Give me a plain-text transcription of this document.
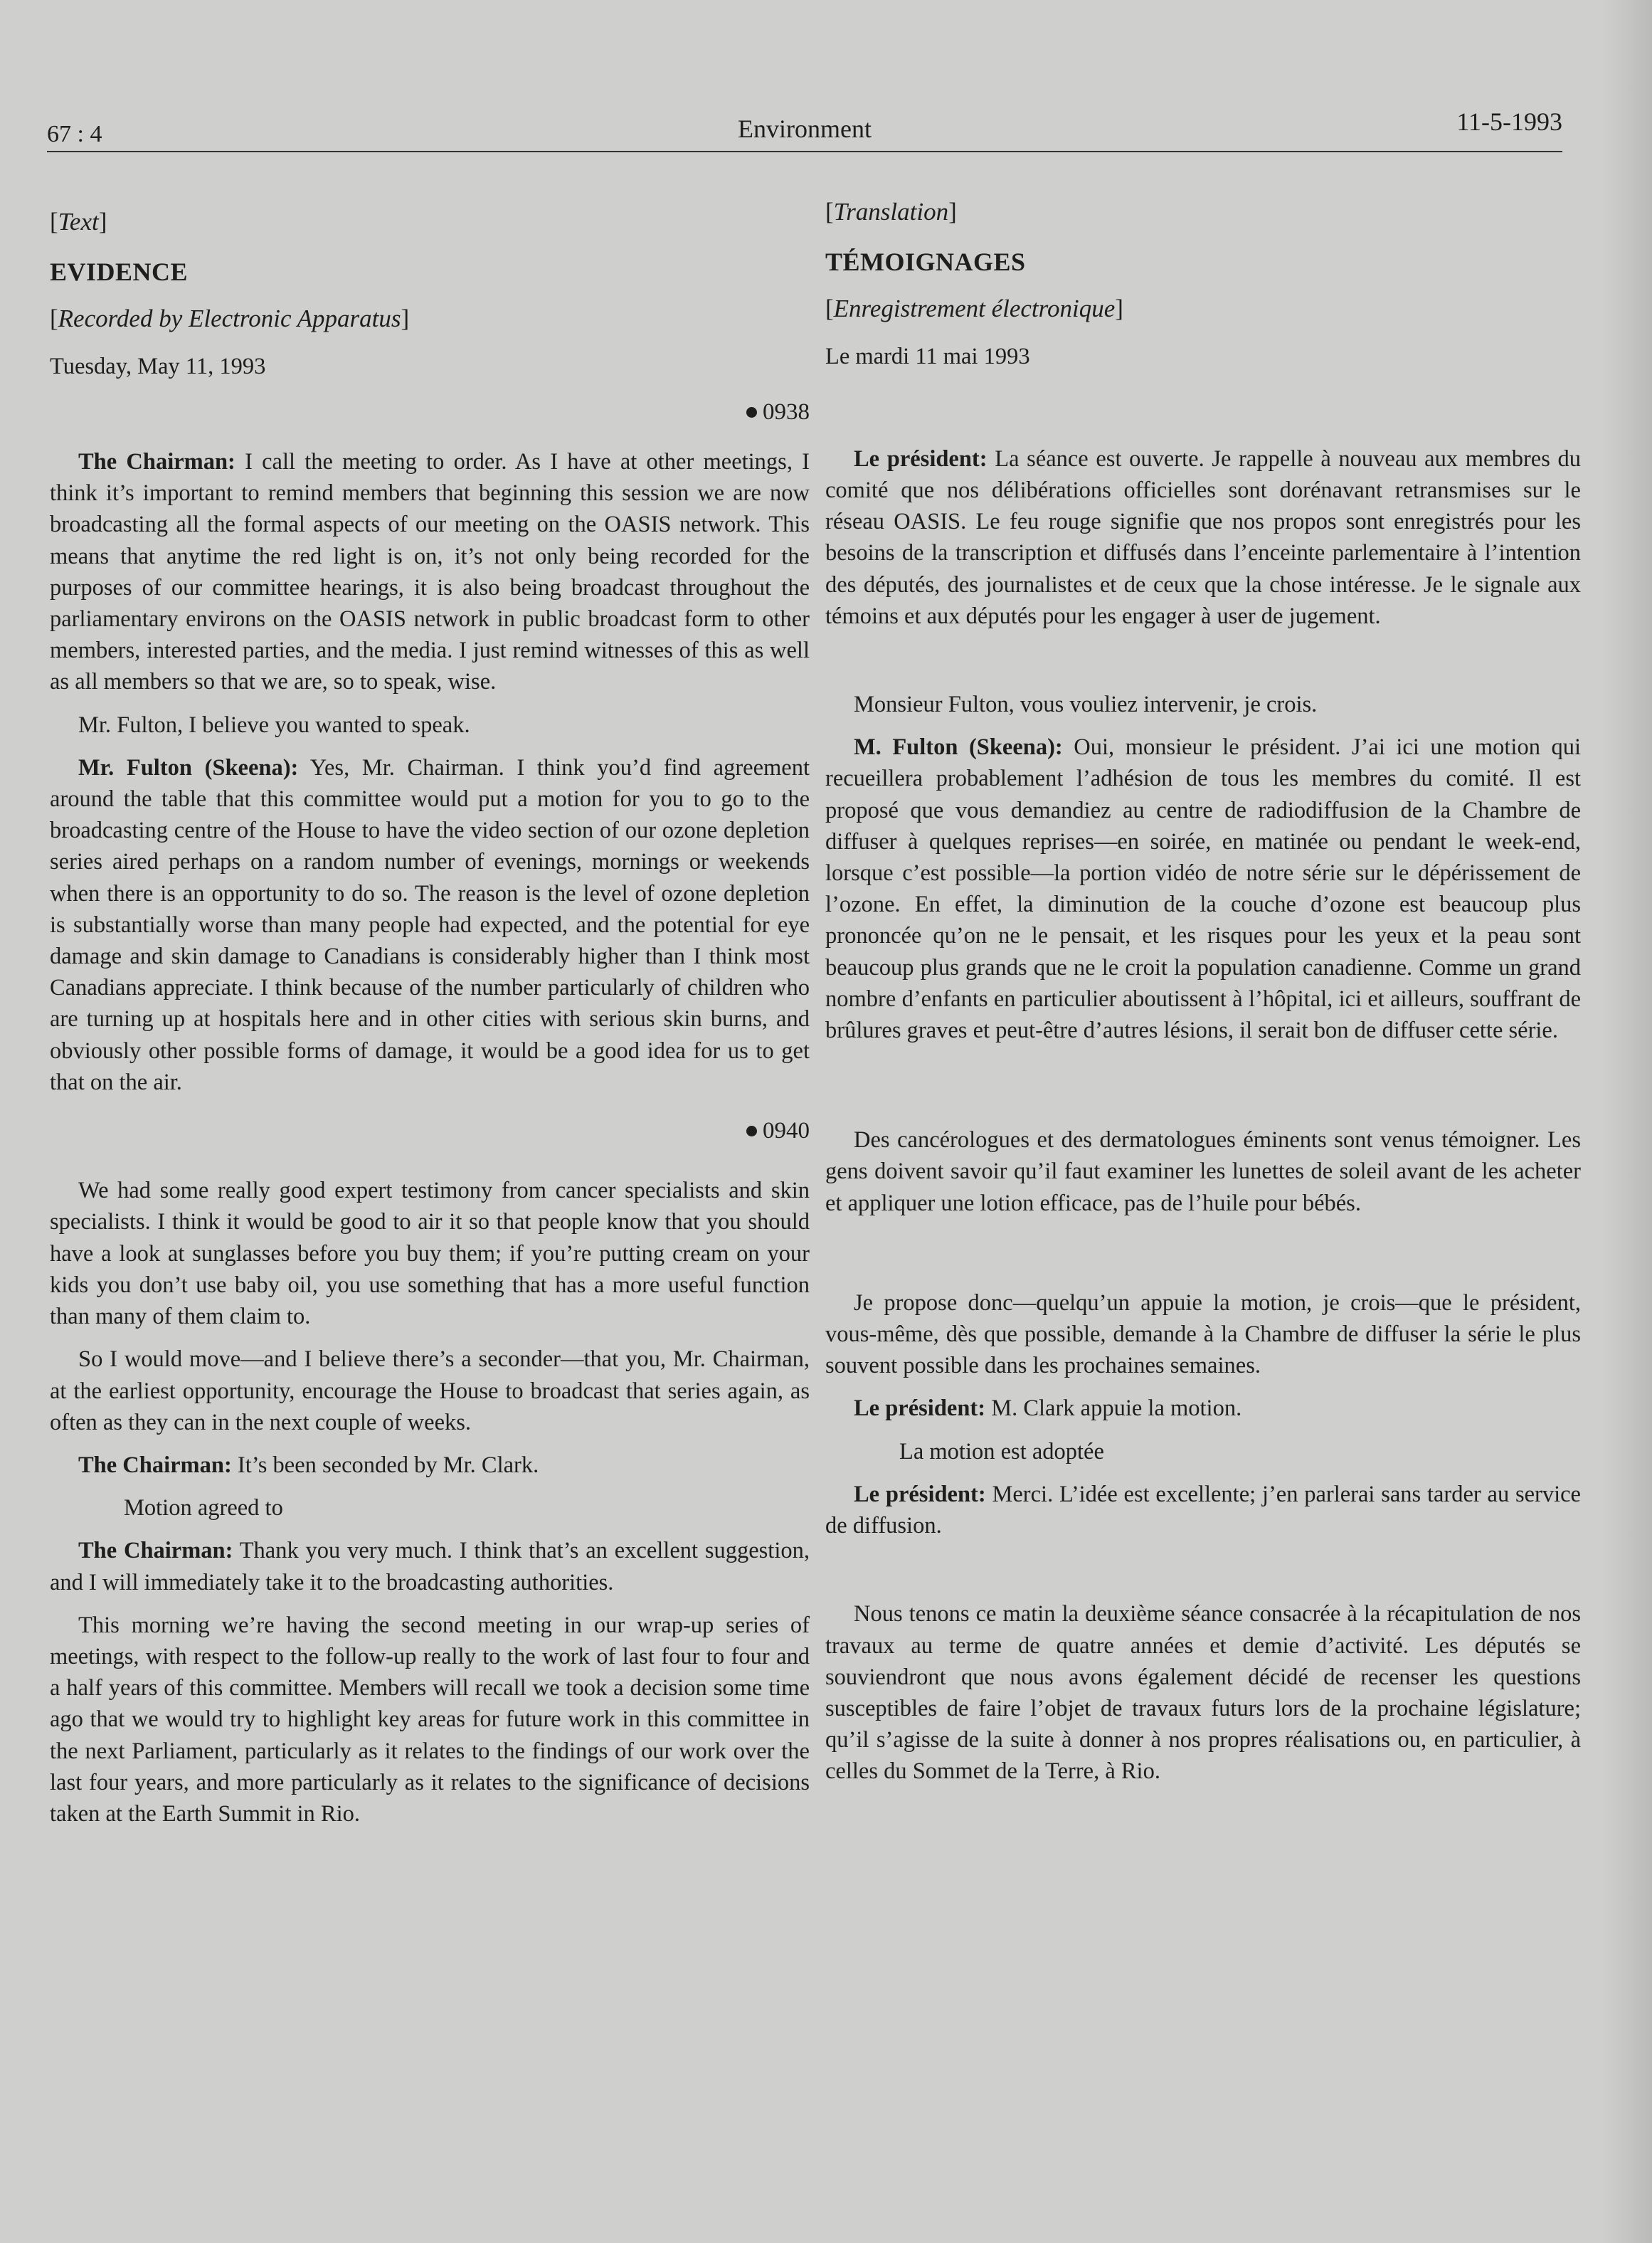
67 : 4	Environment	11-5-1993

[Text]

EVIDENCE

[Recorded by Electronic Apparatus]

Tuesday, May 11, 1993

0938

The Chairman: I call the meeting to order. As I have at other meetings, I think it’s important to remind members that beginning this session we are now broadcasting all the formal aspects of our meeting on the OASIS network. This means that anytime the red light is on, it’s not only being recorded for the purposes of our committee hearings, it is also being broadcast throughout the parliamentary environs on the OASIS network in public broadcast form to other members, interested parties, and the media. I just remind witnesses of this as well as all members so that we are, so to speak, wise.

Mr. Fulton, I believe you wanted to speak.

Mr. Fulton (Skeena): Yes, Mr. Chairman. I think you’d find agreement around the table that this committee would put a motion for you to go to the broadcasting centre of the House to have the video section of our ozone depletion series aired perhaps on a random number of evenings, mornings or weekends when there is an opportunity to do so. The reason is the level of ozone depletion is substantially worse than many people had expected, and the potential for eye damage and skin damage to Canadians is considerably higher than I think most Canadians appreciate. I think because of the number particularly of children who are turning up at hospitals here and in other cities with serious skin burns, and obviously other possible forms of damage, it would be a good idea for us to get that on the air.

0940

We had some really good expert testimony from cancer specialists and skin specialists. I think it would be good to air it so that people know that you should have a look at sunglasses before you buy them; if you’re putting cream on your kids you don’t use baby oil, you use something that has a more useful function than many of them claim to.

So I would move—and I believe there’s a seconder—that you, Mr. Chairman, at the earliest opportunity, encourage the House to broadcast that series again, as often as they can in the next couple of weeks.

The Chairman: It’s been seconded by Mr. Clark.

Motion agreed to

The Chairman: Thank you very much. I think that’s an excellent suggestion, and I will immediately take it to the broadcasting authorities.

This morning we’re having the second meeting in our wrap-up series of meetings, with respect to the follow-up really to the work of last four to four and a half years of this committee. Members will recall we took a decision some time ago that we would try to highlight key areas for future work in this committee in the next Parliament, particularly as it relates to the findings of our work over the last four years, and more particularly as it relates to the significance of decisions taken at the Earth Summit in Rio.

[Translation]

TÉMOIGNAGES

[Enregistrement électronique]

Le mardi 11 mai 1993

Le président: La séance est ouverte. Je rappelle à nouveau aux membres du comité que nos délibérations officielles sont dorénavant retransmises sur le réseau OASIS. Le feu rouge signifie que nos propos sont enregistrés pour les besoins de la transcription et diffusés dans l’enceinte parlementaire à l’intention des députés, des journalistes et de ceux que la chose intéresse. Je le signale aux témoins et aux députés pour les engager à user de jugement.

Monsieur Fulton, vous vouliez intervenir, je crois.

M. Fulton (Skeena): Oui, monsieur le président. J’ai ici une motion qui recueillera probablement l’adhésion de tous les membres du comité. Il est proposé que vous demandiez au centre de radiodiffusion de la Chambre de diffuser à quelques reprises—en soirée, en matinée ou pendant le week-end, lorsque c’est possible—la portion vidéo de notre série sur le dépérissement de l’ozone. En effet, la diminution de la couche d’ozone est beaucoup plus prononcée qu’on ne le pensait, et les risques pour les yeux et la peau sont beaucoup plus grands que ne le croit la population canadienne. Comme un grand nombre d’enfants en particulier aboutissent à l’hôpital, ici et ailleurs, souffrant de brûlures graves et peut-être d’autres lésions, il serait bon de diffuser cette série.

Des cancérologues et des dermatologues éminents sont venus témoigner. Les gens doivent savoir qu’il faut examiner les lunettes de soleil avant de les acheter et appliquer une lotion efficace, pas de l’huile pour bébés.

Je propose donc—quelqu’un appuie la motion, je crois—que le président, vous-même, dès que possible, demande à la Chambre de diffuser la série le plus souvent possible dans les prochaines semaines.

Le président: M. Clark appuie la motion.

La motion est adoptée

Le président: Merci. L’idée est excellente; j’en parlerai sans tarder au service de diffusion.

Nous tenons ce matin la deuxième séance consacrée à la récapitulation de nos travaux au terme de quatre années et demie d’activité. Les députés se souviendront que nous avons également décidé de recenser les questions susceptibles de faire l’objet de travaux futurs lors de la prochaine législature; qu’il s’agisse de la suite à donner à nos propres réalisations ou, en particulier, à celles du Sommet de la Terre, à Rio.
